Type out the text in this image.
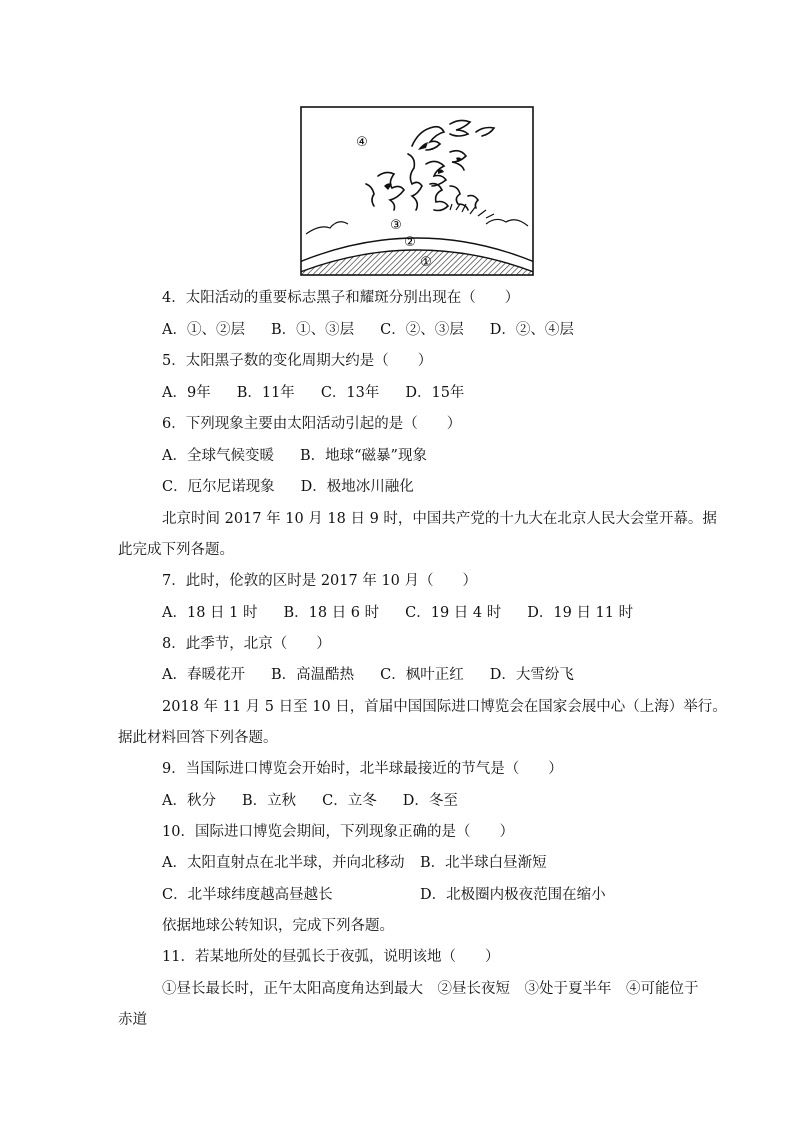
④
③
②
①
4．太阳活动的重要标志黑子和耀斑分别出现在（　　）
A．①、②层 B．①、③层 C．②、③层 D．②、④层
5．太阳黑子数的变化周期大约是（　　）
A．9年 B．11年 C．13年 D．15年
6．下列现象主要由太阳活动引起的是（　　）
A．全球气候变暖 B．地球“磁暴”现象
C．厄尔尼诺现象 D．极地冰川融化
北京时间 2017 年 10 月 18 日 9 时，中国共产党的十九大在北京人民大会堂开幕。据
此完成下列各题。
7．此时，伦敦的区时是 2017 年 10 月（　　）
A．18 日 1 时 B．18 日 6 时 C．19 日 4 时 D．19 日 11 时
8．此季节，北京（　　）
A．春暖花开 B．高温酷热 C．枫叶正红 D．大雪纷飞
2018 年 11 月 5 日至 10 日，首届中国国际进口博览会在国家会展中心（上海）举行。
据此材料回答下列各题。
9．当国际进口博览会开始时，北半球最接近的节气是（　　）
A．秋分 B．立秋 C．立冬 D．冬至
10．国际进口博览会期间，下列现象正确的是（　　）
A．太阳直射点在北半球，并向北移动 B．北半球白昼渐短
C．北半球纬度越高昼越长	D．北极圈内极夜范围在缩小
依据地球公转知识，完成下列各题。
11．若某地所处的昼弧长于夜弧，说明该地（　　）
①昼长最长时，正午太阳高度角达到最大　②昼长夜短　③处于夏半年　④可能位于
赤道
